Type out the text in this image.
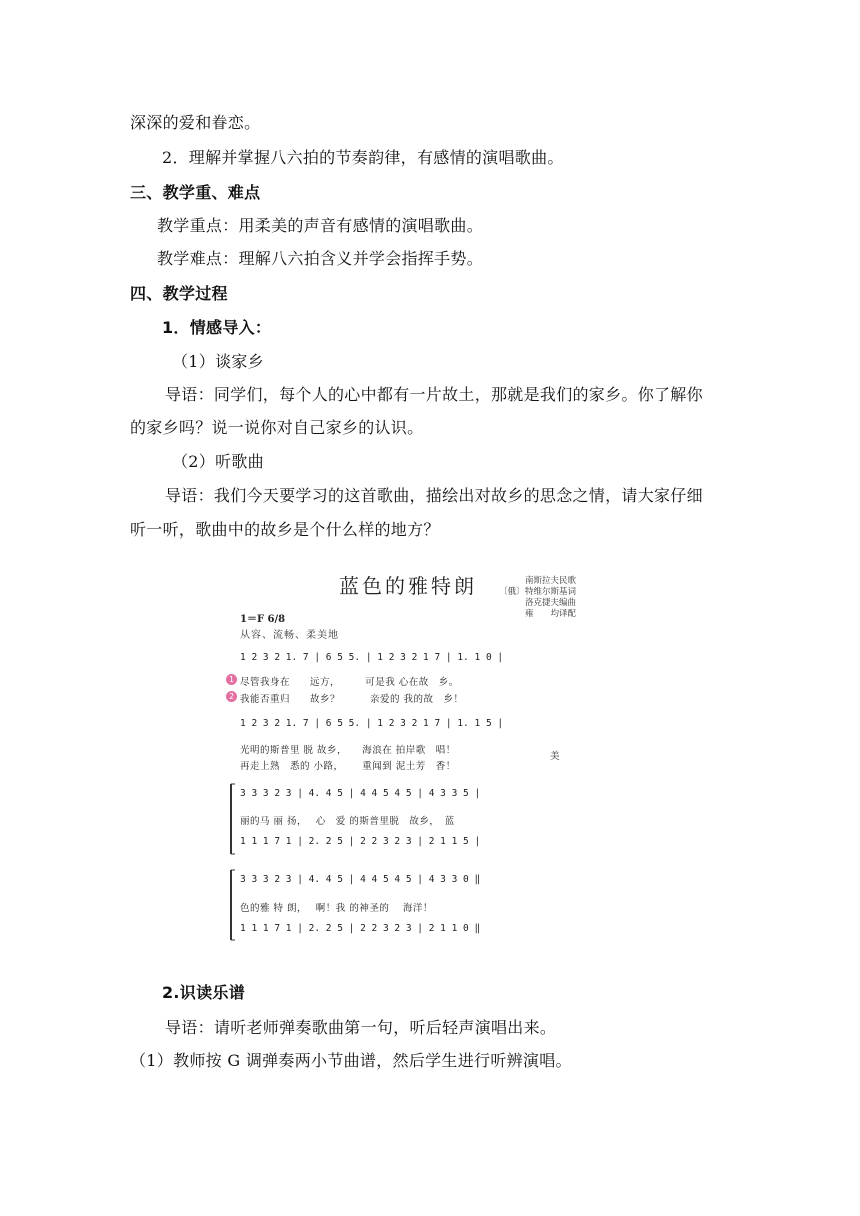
深深的爱和眷恋。
2．理解并掌握八六拍的节奏韵律，有感情的演唱歌曲。
三、教学重、难点
教学重点：用柔美的声音有感情的演唱歌曲。
教学难点：理解八六拍含义并学会指挥手势。
四、教学过程
1．情感导入：
（1）谈家乡
导语：同学们，每个人的心中都有一片故土，那就是我们的家乡。你了解你
的家乡吗？说一说你对自己家乡的认识。
（2）听歌曲
导语：我们今天要学习的这首歌曲，描绘出对故乡的思念之情，请大家仔细
听一听，歌曲中的故乡是个什么样的地方？
蓝色的雅特朗	〔俄〕
南斯拉夫民歌
特维尔斯基词
洛克捷夫编曲
雍　　均译配
1＝F 6/8
从容、流畅、柔美地
1 2 3 2 1. 7 | 6 5 5. | 1 2 3 2 1 7 | 1. 1 0 |
1 尽管我身在　　远方，　　　可是我 心在故　乡。
2 我能否重归　　故乡？　　　亲爱的 我的故　乡！
1 2 3 2 1. 7 | 6 5 5. | 1 2 3 2 1 7 | 1. 1 5 |
光明的斯普里 脱 故乡，　　海浪在 拍岸歌　唱！
再走上熟　悉的 小路，　　 重闻到 泥土芳　香！
美
3 3 3 2 3 | 4. 4 5 | 4 4 5 4 5 | 4 3 3 5 |
丽的马 丽 扬，　 心　爱 的斯普里脱　故乡，　蓝
1 1 1 7 1 | 2. 2 5 | 2 2 3 2 3 | 2 1 1 5 |
3 3 3 2 3 | 4. 4 5 | 4 4 5 4 5 | 4 3 3 0 ‖
色的雅 特 朗，　 啊！我 的神圣的　 海洋！
1 1 1 7 1 | 2. 2 5 | 2 2 3 2 3 | 2 1 1 0 ‖
2.识读乐谱
导语：请听老师弹奏歌曲第一句，听后轻声演唱出来。
（1）教师按 G 调弹奏两小节曲谱，然后学生进行听辨演唱。
